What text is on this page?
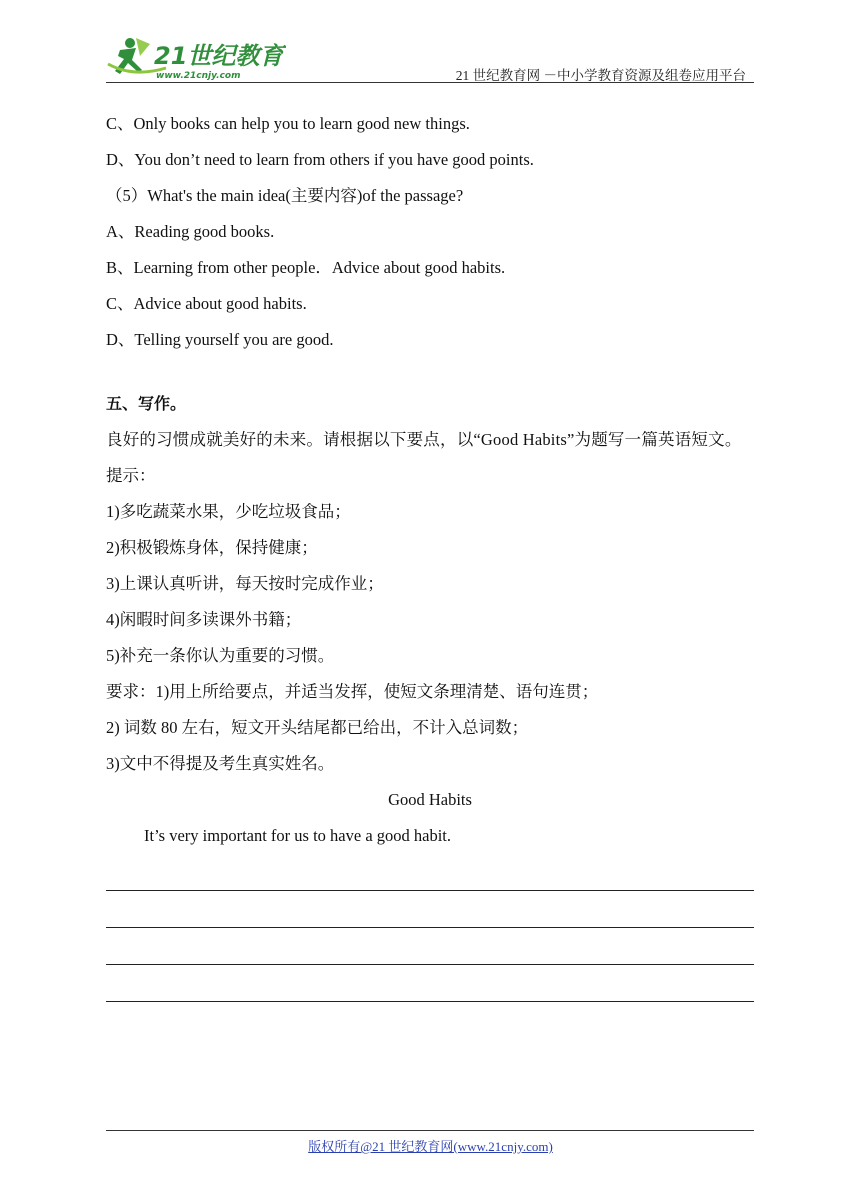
21世纪教育
www.21cnjy.com	21 世纪教育网 －中小学教育资源及组卷应用平台
C、Only books can help you to learn good new things.
D、You don’t need to learn from others if you have good points.
（5）What's the main idea(主要内容)of the passage?
A、Reading good books.
B、Learning from other people．Advice about good habits.
C、Advice about good habits.
D、Telling yourself you are good.
五、写作。
良好的习惯成就美好的未来。请根据以下要点，以“Good Habits”为题写一篇英语短文。
提示：
1)多吃蔬菜水果，少吃垃圾食品；
2)积极锻炼身体，保持健康；
3)上课认真听讲，每天按时完成作业；
4)闲暇时间多读课外书籍；
5)补充一条你认为重要的习惯。
要求：1)用上所给要点，并适当发挥，使短文条理清楚、语句连贯；
2) 词数 80 左右，短文开头结尾都已给出，不计入总词数；
3)文中不得提及考生真实姓名。
Good Habits
It’s very important for us to have a good habit.
版权所有@21 世纪教育网(www.21cnjy.com)
